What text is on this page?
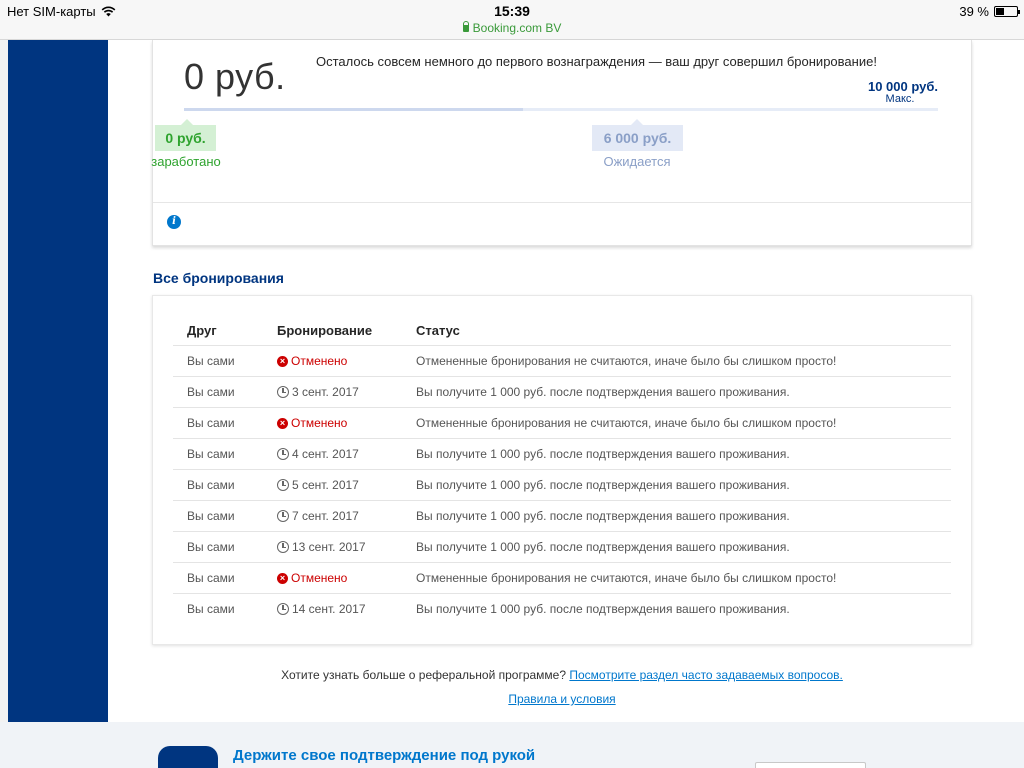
Нет SIM-карты	15:39
Booking.com BV
39 %
0 руб. Осталось совсем немного до первого вознаграждения — ваш друг совершил бронирование!
10 000 руб.
Макс.
0 руб.
заработано
6 000 руб.
Ожидается
i
Все бронирования
Друг	Бронирование	Статус
Вы сами	× Отменено	Отмененные бронирования не считаются, иначе было бы слишком просто!
Вы сами	3 сент. 2017	Вы получите 1 000 руб. после подтверждения вашего проживания.
Вы сами	× Отменено	Отмененные бронирования не считаются, иначе было бы слишком просто!
Вы сами	4 сент. 2017	Вы получите 1 000 руб. после подтверждения вашего проживания.
Вы сами	5 сент. 2017	Вы получите 1 000 руб. после подтверждения вашего проживания.
Вы сами	7 сент. 2017	Вы получите 1 000 руб. после подтверждения вашего проживания.
Вы сами	13 сент. 2017	Вы получите 1 000 руб. после подтверждения вашего проживания.
Вы сами	× Отменено	Отмененные бронирования не считаются, иначе было бы слишком просто!
Вы сами	14 сент. 2017	Вы получите 1 000 руб. после подтверждения вашего проживания.
Хотите узнать больше о реферальной программе? Посмотрите раздел часто задаваемых вопросов.
Правила и условия
Держите свое подтверждение под рукой
